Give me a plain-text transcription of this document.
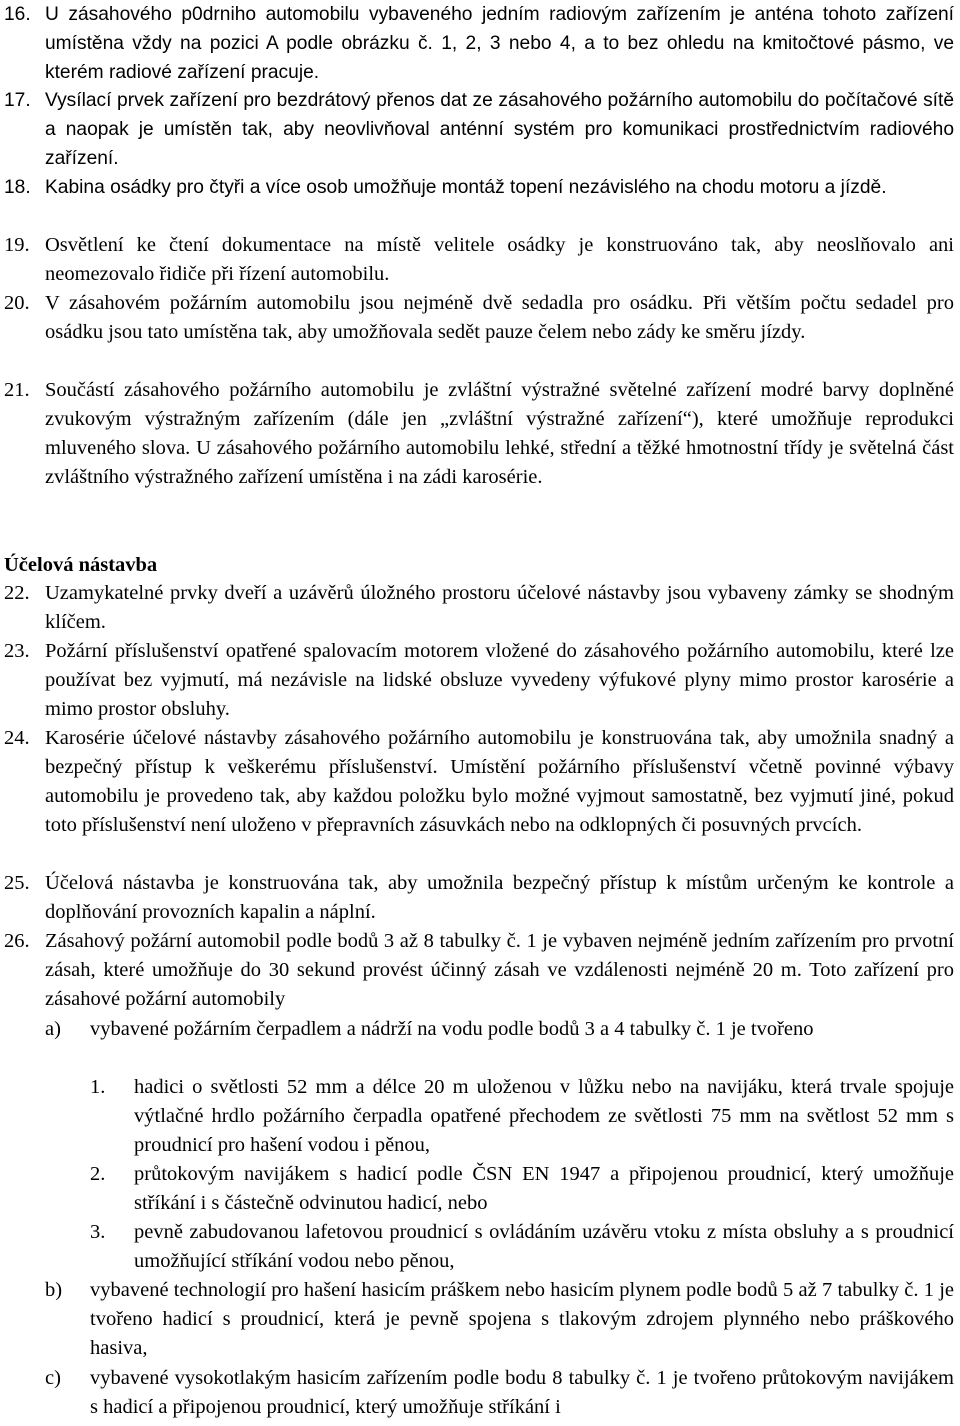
16. U zásahového p0drniho automobilu vybaveného jedním radiovým zařízením je anténa tohoto zařízení umístěna vždy na pozici A podle obrázku č. 1, 2, 3 nebo 4, a to bez ohledu na kmitočtové pásmo, ve kterém radiové zařízení pracuje.
17. Vysílací prvek zařízení pro bezdrátový přenos dat ze zásahového požárního automobilu do počítačové sítě a naopak je umístěn tak, aby neovlivňoval anténní systém pro komunikaci prostřednictvím radiového zařízení.
18. Kabina osádky pro čtyři a více osob umožňuje montáž topení nezávislého na chodu motoru a jízdě.
19. Osvětlení ke čtení dokumentace na místě velitele osádky je konstruováno tak, aby neoslňovalo ani neomezovalo řidiče při řízení automobilu.
20. V zásahovém požárním automobilu jsou nejméně dvě sedadla pro osádku. Při větším počtu sedadel pro osádku jsou tato umístěna tak, aby umožňovala sedět pauze čelem nebo zády ke směru jízdy.
21. Součástí zásahového požárního automobilu je zvláštní výstražné světelné zařízení modré barvy doplněné zvukovým výstražným zařízením (dále jen „zvláštní výstražné zařízení“), které umožňuje reprodukci mluveného slova. U zásahového požárního automobilu lehké, střední a těžké hmotnostní třídy je světelná část zvláštního výstražného zařízení umístěna i na zádi karosérie.
Účelová nástavba
22. Uzamykatelné prvky dveří a uzávěrů úložného prostoru účelové nástavby jsou vybaveny zámky se shodným klíčem.
23. Požární příslušenství opatřené spalovacím motorem vložené do zásahového požárního automobilu, které lze používat bez vyjmutí, má nezávisle na lidské obsluze vyvedeny výfukové plyny mimo prostor karosérie a mimo prostor obsluhy.
24. Karosérie účelové nástavby zásahového požárního automobilu je konstruována tak, aby umožnila snadný a bezpečný přístup k veškerému příslušenství. Umístění požárního příslušenství včetně povinné výbavy automobilu je provedeno tak, aby každou položku bylo možné vyjmout samostatně, bez vyjmutí jiné, pokud toto příslušenství není uloženo v přepravních zásuvkách nebo na odklopných či posuvných prvcích.
25. Účelová nástavba je konstruována tak, aby umožnila bezpečný přístup k místům určeným ke kontrole a doplňování provozních kapalin a náplní.
26. Zásahový požární automobil podle bodů 3 až 8 tabulky č. 1 je vybaven nejméně jedním zařízením pro prvotní zásah, které umožňuje do 30 sekund provést účinný zásah ve vzdálenosti nejméně 20 m. Toto zařízení pro zásahové požární automobily
a) vybavené požárním čerpadlem a nádrží na vodu podle bodů 3 a 4 tabulky č. 1 je tvořeno
1. hadici o světlosti 52 mm a délce 20 m uloženou v lůžku nebo na navijáku, která trvale spojuje výtlačné hrdlo požárního čerpadla opatřené přechodem ze světlosti 75 mm na světlost 52 mm s proudnicí pro hašení vodou i pěnou,
2. průtokovým navijákem s hadicí podle ČSN EN 1947 a připojenou proudnicí, který umožňuje stříkání i s částečně odvinutou hadicí, nebo
3. pevně zabudovanou lafetovou proudnicí s ovládáním uzávěru vtoku z místa obsluhy a s proudnicí umožňující stříkání vodou nebo pěnou,
b) vybavené technologií pro hašení hasicím práškem nebo hasicím plynem podle bodů 5 až 7 tabulky č. 1 je tvořeno hadicí s proudnicí, která je pevně spojena s tlakovým zdrojem plynného nebo práškového hasiva,
c) vybavené vysokotlakým hasicím zařízením podle bodu 8 tabulky č. 1 je tvořeno průtokovým navijákem s hadicí a připojenou proudnicí, který umožňuje stříkání i
